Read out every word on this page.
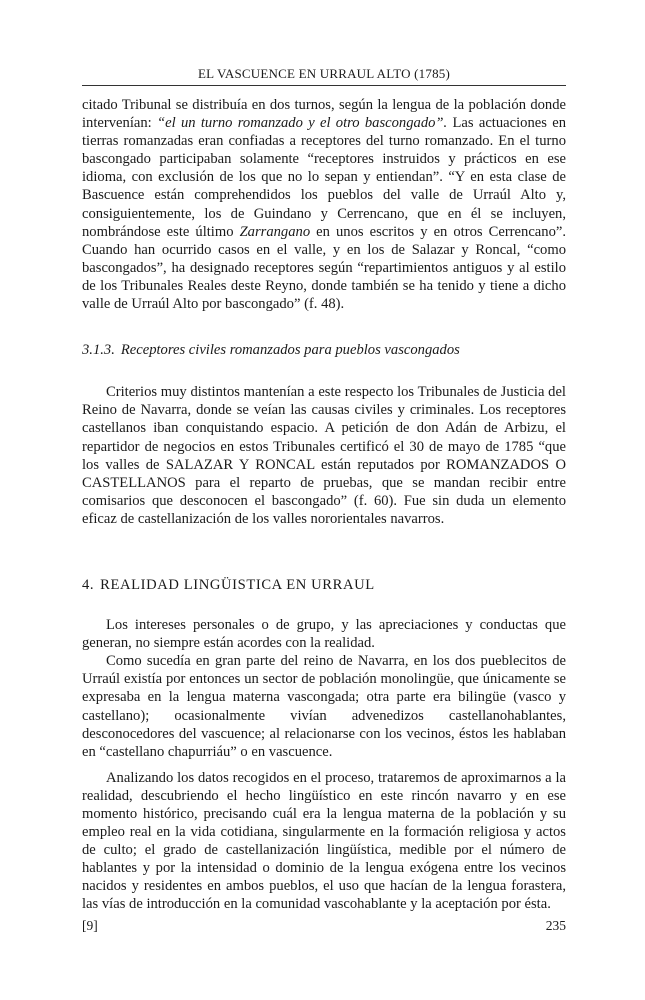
EL VASCUENCE EN URRAUL ALTO (1785)

citado Tribunal se distribuía en dos turnos, según la lengua de la población donde intervenían: “el un turno romanzado y el otro bascongado”. Las actuaciones en tierras romanzadas eran confiadas a receptores del turno romanzado. En el turno bascongado participaban solamente “receptores instruidos y prácticos en ese idioma, con exclusión de los que no lo sepan y entiendan”. “Y en esta clase de Bascuence están comprehendidos los pueblos del valle de Urraúl Alto y, consiguientemente, los de Guindano y Cerrencano, que en él se incluyen, nombrándose este último Zarrangano en unos escritos y en otros Cerrencano”. Cuando han ocurrido casos en el valle, y en los de Salazar y Roncal, “como bascongados”, ha designado receptores según “repartimientos antiguos y al estilo de los Tribunales Reales deste Reyno, donde también se ha tenido y tiene a dicho valle de Urraúl Alto por bascongado” (f. 48).

3.1.3. Receptores civiles romanzados para pueblos vascongados

Criterios muy distintos mantenían a este respecto los Tribunales de Justicia del Reino de Navarra, donde se veían las causas civiles y criminales. Los receptores castellanos iban conquistando espacio. A petición de don Adán de Arbizu, el repartidor de negocios en estos Tribunales certificó el 30 de mayo de 1785 “que los valles de SALAZAR Y RONCAL están reputados por ROMANZADOS O CASTELLANOS para el reparto de pruebas, que se mandan recibir entre comisarios que desconocen el bascongado” (f. 60). Fue sin duda un elemento eficaz de castellanización de los valles nororientales navarros.

4. REALIDAD LINGÜISTICA EN URRAUL

Los intereses personales o de grupo, y las apreciaciones y conductas que generan, no siempre están acordes con la realidad.

Como sucedía en gran parte del reino de Navarra, en los dos pueblecitos de Urraúl existía por entonces un sector de población monolingüe, que únicamente se expresaba en la lengua materna vascongada; otra parte era bilingüe (vasco y castellano); ocasionalmente vivían advenedizos castellanohablantes, desconocedores del vascuence; al relacionarse con los vecinos, éstos les hablaban en “castellano chapurriáu” o en vascuence.

Analizando los datos recogidos en el proceso, trataremos de aproximarnos a la realidad, descubriendo el hecho lingüístico en este rincón navarro y en ese momento histórico, precisando cuál era la lengua materna de la población y su empleo real en la vida cotidiana, singularmente en la formación religiosa y actos de culto; el grado de castellanización lingüística, medible por el número de hablantes y por la intensidad o dominio de la lengua exógena entre los vecinos nacidos y residentes en ambos pueblos, el uso que hacían de la lengua forastera, las vías de introducción en la comunidad vascohablante y la aceptación por ésta.

[9]	235
